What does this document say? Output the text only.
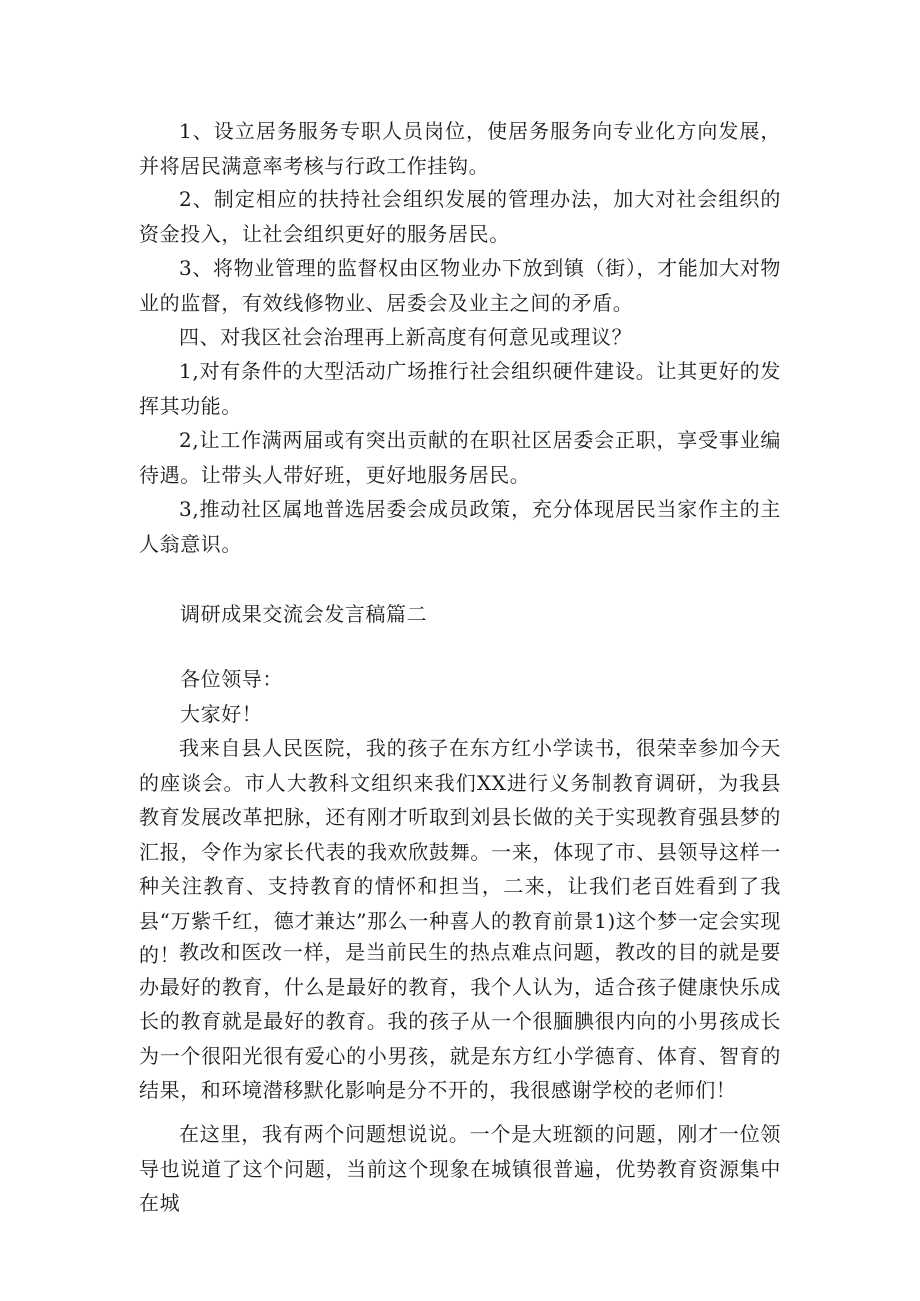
1、设立居务服务专职人员岗位，使居务服务向专业化方向发展，并将居民满意率考核与行政工作挂钩。

2、制定相应的扶持社会组织发展的管理办法，加大对社会组织的资金投入，让社会组织更好的服务居民。

3、将物业管理的监督权由区物业办下放到镇（街），才能加大对物业的监督，有效线修物业、居委会及业主之间的矛盾。

四、对我区社会治理再上新高度有何意见或理议？

1,对有条件的大型活动广场推行社会组织硬件建设。让其更好的发挥其功能。

2,让工作满两届或有突出贡献的在职社区居委会正职，享受事业编待遇。让带头人带好班，更好地服务居民。

3,推动社区属地普选居委会成员政策，充分体现居民当家作主的主人翁意识。

调研成果交流会发言稿篇二

各位领导：

大家好！

我来自县人民医院，我的孩子在东方红小学读书，很荣幸参加今天的座谈会。市人大教科文组织来我们XX进行义务制教育调研，为我县教育发展改革把脉，还有刚才听取到刘县长做的关于实现教育强县梦的汇报，令作为家长代表的我欢欣鼓舞。一来，体现了市、县领导这样一种关注教育、支持教育的情怀和担当，二来，让我们老百姓看到了我县“万紫千红，德才兼达”那么一种喜人的教育前景1)这个梦一定会实现的！

教改和医改一样，是当前民生的热点难点问题，教改的目的就是要办最好的教育，什么是最好的教育，我个人认为，适合孩子健康快乐成长的教育就是最好的教育。我的孩子从一个很腼腆很内向的小男孩成长为一个很阳光很有爱心的小男孩，就是东方红小学德育、体育、智育的结果，和环境潜移默化影响是分不开的，我很感谢学校的老师们！

在这里，我有两个问题想说说。一个是大班额的问题，刚才一位领导也说道了这个问题，当前这个现象在城镇很普遍，优势教育资源集中在城
